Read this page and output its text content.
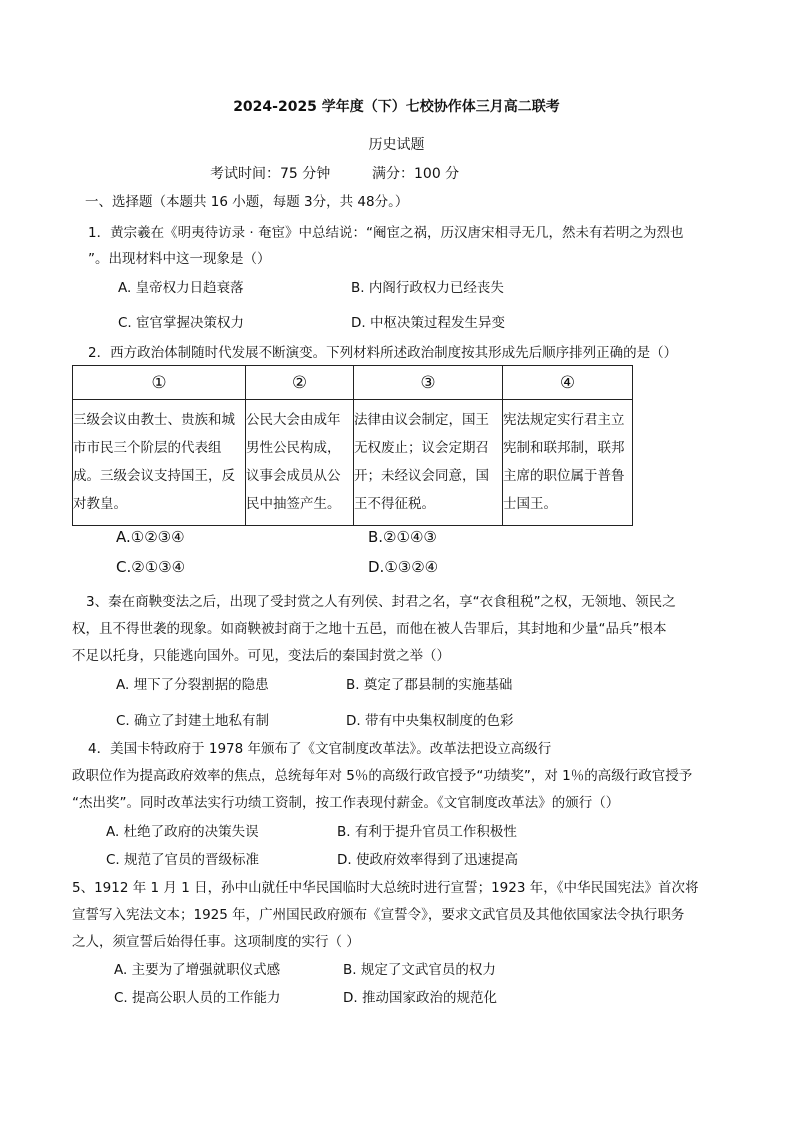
2024-2025 学年度（下）七校协作体三月高二联考
历史试题
考试时间：75 分钟	满分：100 分
一、选择题（本题共 16 小题，每题 3分，共 48分。）
1．黄宗羲在《明夷待访录 · 奄宦》中总结说：“阉宦之祸，历汉唐宋相寻无几，然未有若明之为烈也
”。出现材料中这一现象是（）
A. 皇帝权力日趋衰落	B. 内阁行政权力已经丧失
C. 宦官掌握决策权力	D. 中枢决策过程发生异变
2．西方政治体制随时代发展不断演变。下列材料所述政治制度按其形成先后顺序排列正确的是（）
①	②	③	④

三级会议由教士、贵族和城市市民三个阶层的代表组成。三级会议支持国王，反对教皇。	公民大会由成年男性公民构成，议事会成员从公民中抽签产生。	法律由议会制定，国王无权废止；议会定期召开；未经议会同意，国王不得征税。	宪法规定实行君主立宪制和联邦制，联邦主席的职位属于普鲁士国王。
A.①②③④	B.②①④③
C.②①③④	D.①③②④
3、秦在商鞅变法之后，出现了受封赏之人有列侯、封君之名，享“衣食租税”之权，无领地、领民之
权，且不得世袭的现象。如商鞅被封商于之地十五邑，而他在被人告罪后，其封地和少量“品兵”根本
不足以托身，只能逃向国外。可见，变法后的秦国封赏之举（）
A. 埋下了分裂割据的隐患	B. 奠定了郡县制的实施基础
C. 确立了封建土地私有制	D. 带有中央集权制度的色彩
4．美国卡特政府于 1978 年颁布了《文官制度改革法》。改革法把设立高级行
政职位作为提高政府效率的焦点，总统每年对 5％的高级行政官授予“功绩奖”，对 1％的高级行政官授予
“杰出奖”。同时改革法实行功绩工资制，按工作表现付薪金。《文官制度改革法》的颁行（）
A. 杜绝了政府的决策失误	B. 有利于提升官员工作积极性
C. 规范了官员的晋级标准	D. 使政府效率得到了迅速提高
5、1912 年 1 月 1 日，孙中山就任中华民国临时大总统时进行宣誓；1923 年，《中华民国宪法》首次将
宣誓写入宪法文本；1925 年，广州国民政府颁布《宣誓令》，要求文武官员及其他依国家法令执行职务
之人，须宣誓后始得任事。这项制度的实行（ ）
A. 主要为了增强就职仪式感	B. 规定了文武官员的权力
C. 提高公职人员的工作能力	D. 推动国家政治的规范化
